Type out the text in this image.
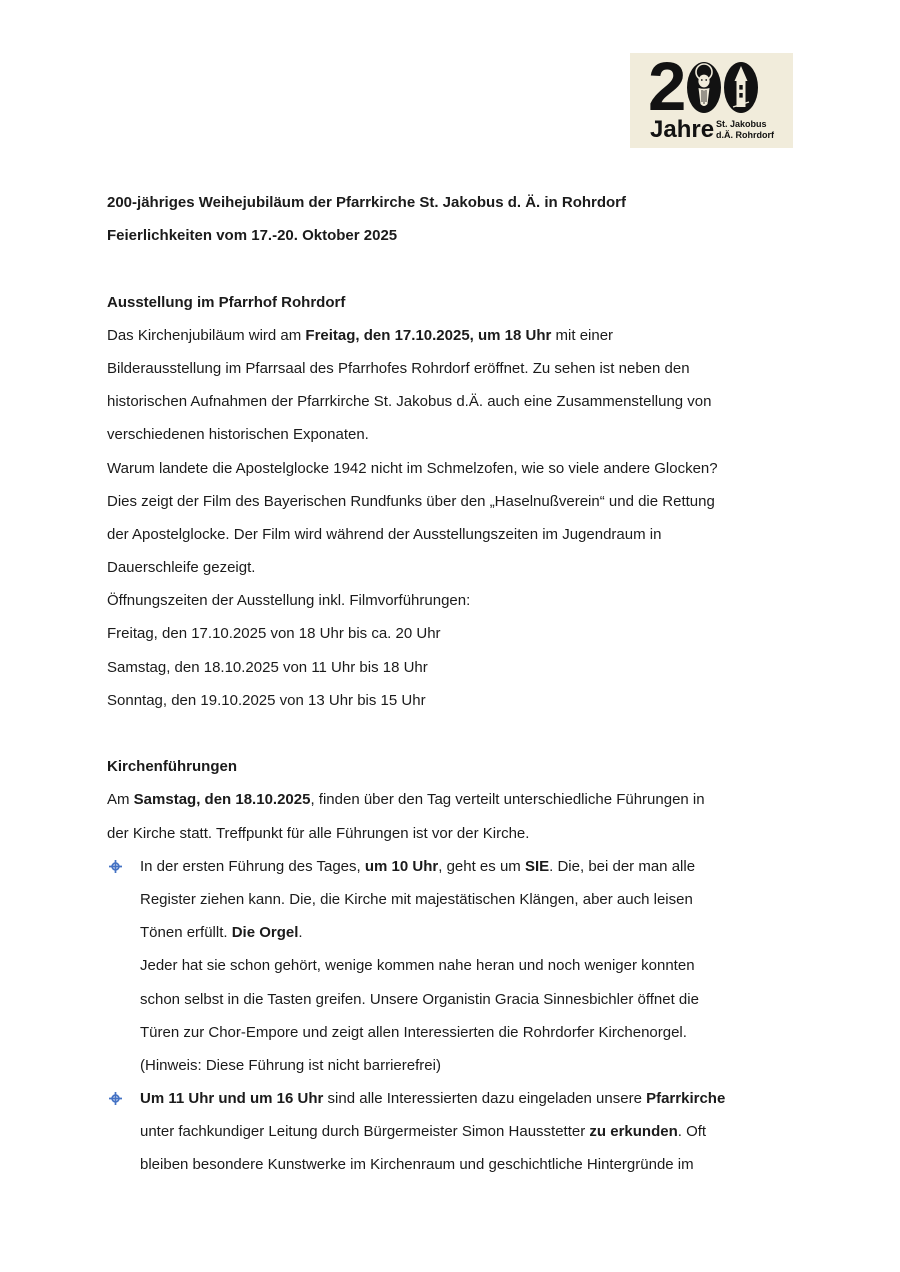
2
Jahre St. Jakobus
d.Ä. Rohrdorf
200-jähriges Weihejubiläum der Pfarrkirche St. Jakobus d. Ä. in Rohrdorf
Feierlichkeiten vom 17.-20. Oktober 2025
Ausstellung im Pfarrhof Rohrdorf
Das Kirchenjubiläum wird am Freitag, den 17.10.2025, um 18 Uhr mit einer
Bilderausstellung im Pfarrsaal des Pfarrhofes Rohrdorf eröffnet. Zu sehen ist neben den
historischen Aufnahmen der Pfarrkirche St. Jakobus d.Ä. auch eine Zusammenstellung von
verschiedenen historischen Exponaten.
Warum landete die Apostelglocke 1942 nicht im Schmelzofen, wie so viele andere Glocken?
Dies zeigt der Film des Bayerischen Rundfunks über den „Haselnußverein“ und die Rettung
der Apostelglocke. Der Film wird während der Ausstellungszeiten im Jugendraum in
Dauerschleife gezeigt.
Öffnungszeiten der Ausstellung inkl. Filmvorführungen:
Freitag, den 17.10.2025 von 18 Uhr bis ca. 20 Uhr
Samstag, den 18.10.2025 von 11 Uhr bis 18 Uhr
Sonntag, den 19.10.2025 von 13 Uhr bis 15 Uhr
Kirchenführungen
Am Samstag, den 18.10.2025, finden über den Tag verteilt unterschiedliche Führungen in
der Kirche statt. Treffpunkt für alle Führungen ist vor der Kirche.
In der ersten Führung des Tages, um 10 Uhr, geht es um SIE. Die, bei der man alle
Register ziehen kann. Die, die Kirche mit majestätischen Klängen, aber auch leisen
Tönen erfüllt. Die Orgel.
Jeder hat sie schon gehört, wenige kommen nahe heran und noch weniger konnten
schon selbst in die Tasten greifen. Unsere Organistin Gracia Sinnesbichler öffnet die
Türen zur Chor-Empore und zeigt allen Interessierten die Rohrdorfer Kirchenorgel.
(Hinweis: Diese Führung ist nicht barrierefrei)
Um 11 Uhr und um 16 Uhr sind alle Interessierten dazu eingeladen unsere Pfarrkirche
unter fachkundiger Leitung durch Bürgermeister Simon Hausstetter zu erkunden. Oft
bleiben besondere Kunstwerke im Kirchenraum und geschichtliche Hintergründe im
